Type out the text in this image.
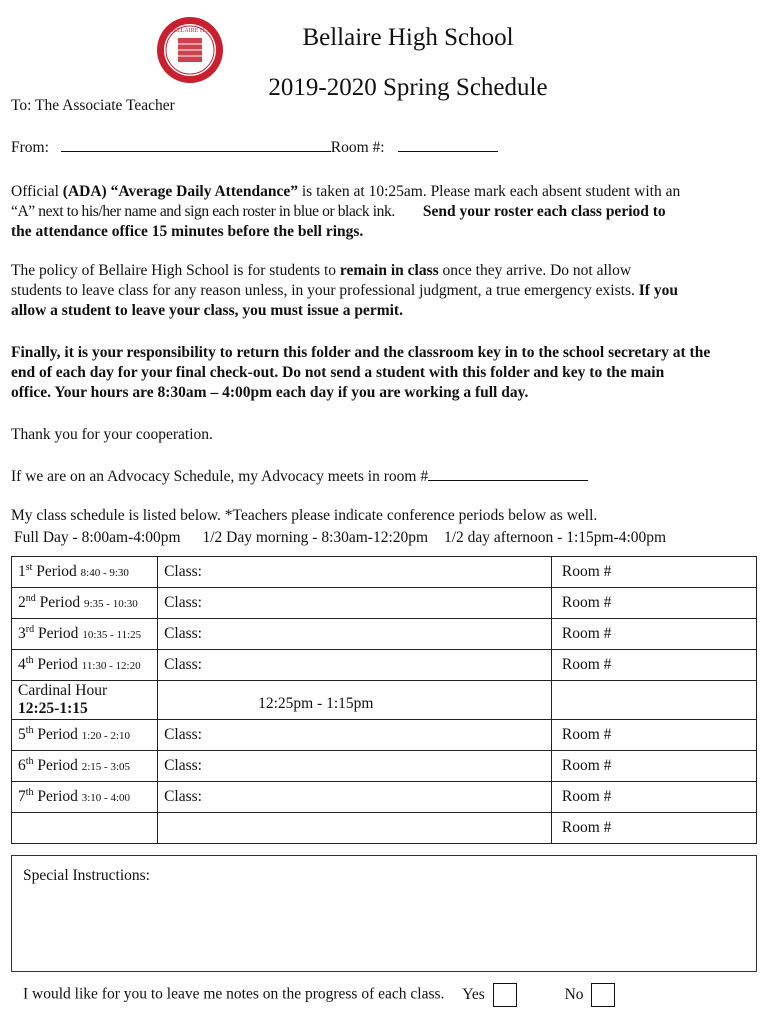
BELLAIRE H.S.	Bellaire High School
2019-2020 Spring Schedule
To: The Associate Teacher
From:	Room #:
Official (ADA) “Average Daily Attendance” is taken at 10:25am. Please mark each absent student with an
“A” next to his/her name and sign each roster in blue or black ink. Send your roster each class period to
the attendance office 15 minutes before the bell rings.
The policy of Bellaire High School is for students to remain in class once they arrive. Do not allow
students to leave class for any reason unless, in your professional judgment, a true emergency exists. If you
allow a student to leave your class, you must issue a permit.
Finally, it is your responsibility to return this folder and the classroom key in to the school secretary at the
end of each day for your final check-out. Do not send a student with this folder and key to the main
office. Your hours are 8:30am – 4:00pm each day if you are working a full day.
Thank you for your cooperation.
If we are on an Advocacy Schedule, my Advocacy meets in room #
My class schedule is listed below. *Teachers please indicate conference periods below as well.
Full Day - 8:00am-4:00pm 1/2 Day morning - 8:30am-12:20pm 1/2 day afternoon - 1:15pm-4:00pm
1st Period 8:40 - 9:30	Class:	Room #
2nd Period 9:35 - 10:30	Class:	Room #
3rd Period 10:35 - 11:25	Class:	Room #
4th Period 11:30 - 12:20	Class:	Room #
Cardinal Hour 12:25-1:15	12:25pm - 1:15pm	
5th Period 1:20 - 2:10	Class:	Room #
6th Period 2:15 - 3:05	Class:	Room #
7th Period 3:10 - 4:00	Class:	Room #
		Room #
Special Instructions:
I would like for you to leave me notes on the progress of each class. Yes	No
